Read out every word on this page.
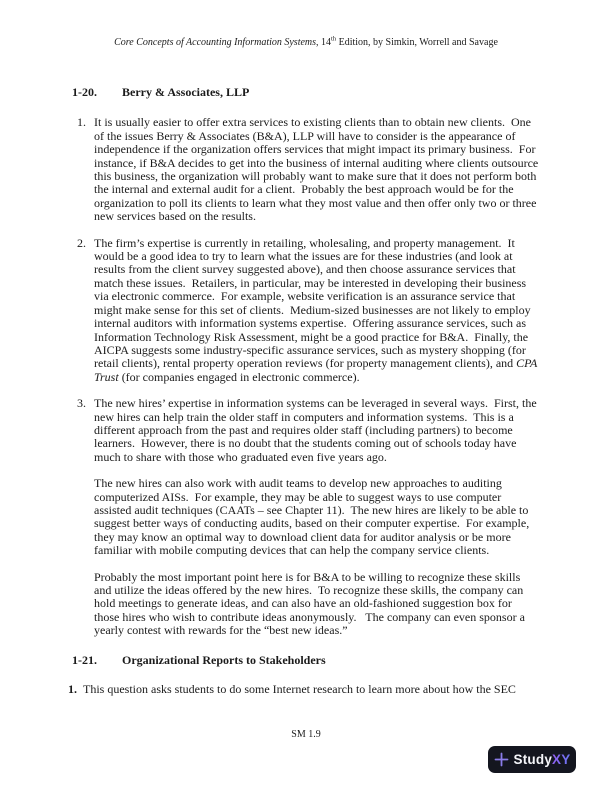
Core Concepts of Accounting Information Systems, 14th Edition, by Simkin, Worrell and Savage
1-20.	Berry & Associates, LLP
1. It is usually easier to offer extra services to existing clients than to obtain new clients.  One of the issues Berry & Associates (B&A), LLP will have to consider is the appearance of independence if the organization offers services that might impact its primary business.  For instance, if B&A decides to get into the business of internal auditing where clients outsource this business, the organization will probably want to make sure that it does not perform both the internal and external audit for a client.  Probably the best approach would be for the organization to poll its clients to learn what they most value and then offer only two or three new services based on the results.
2. The firm’s expertise is currently in retailing, wholesaling, and property management.  It would be a good idea to try to learn what the issues are for these industries (and look at results from the client survey suggested above), and then choose assurance services that match these issues.  Retailers, in particular, may be interested in developing their business via electronic commerce.  For example, website verification is an assurance service that might make sense for this set of clients.  Medium-sized businesses are not likely to employ internal auditors with information systems expertise.  Offering assurance services, such as Information Technology Risk Assessment, might be a good practice for B&A.  Finally, the AICPA suggests some industry-specific assurance services, such as mystery shopping (for retail clients), rental property operation reviews (for property management clients), and CPA Trust (for companies engaged in electronic commerce).
3. The new hires’ expertise in information systems can be leveraged in several ways.  First, the new hires can help train the older staff in computers and information systems.  This is a different approach from the past and requires older staff (including partners) to become learners.  However, there is no doubt that the students coming out of schools today have much to share with those who graduated even five years ago.
The new hires can also work with audit teams to develop new approaches to auditing computerized AISs.  For example, they may be able to suggest ways to use computer assisted audit techniques (CAATs – see Chapter 11).  The new hires are likely to be able to suggest better ways of conducting audits, based on their computer expertise.  For example, they may know an optimal way to download client data for auditor analysis or be more familiar with mobile computing devices that can help the company service clients.
Probably the most important point here is for B&A to be willing to recognize these skills and utilize the ideas offered by the new hires.  To recognize these skills, the company can hold meetings to generate ideas, and can also have an old-fashioned suggestion box for those hires who wish to contribute ideas anonymously.   The company can even sponsor a yearly contest with rewards for the “best new ideas.”
1-21.	Organizational Reports to Stakeholders
1. This question asks students to do some Internet research to learn more about how the SEC
SM 1.9
StudyXY
